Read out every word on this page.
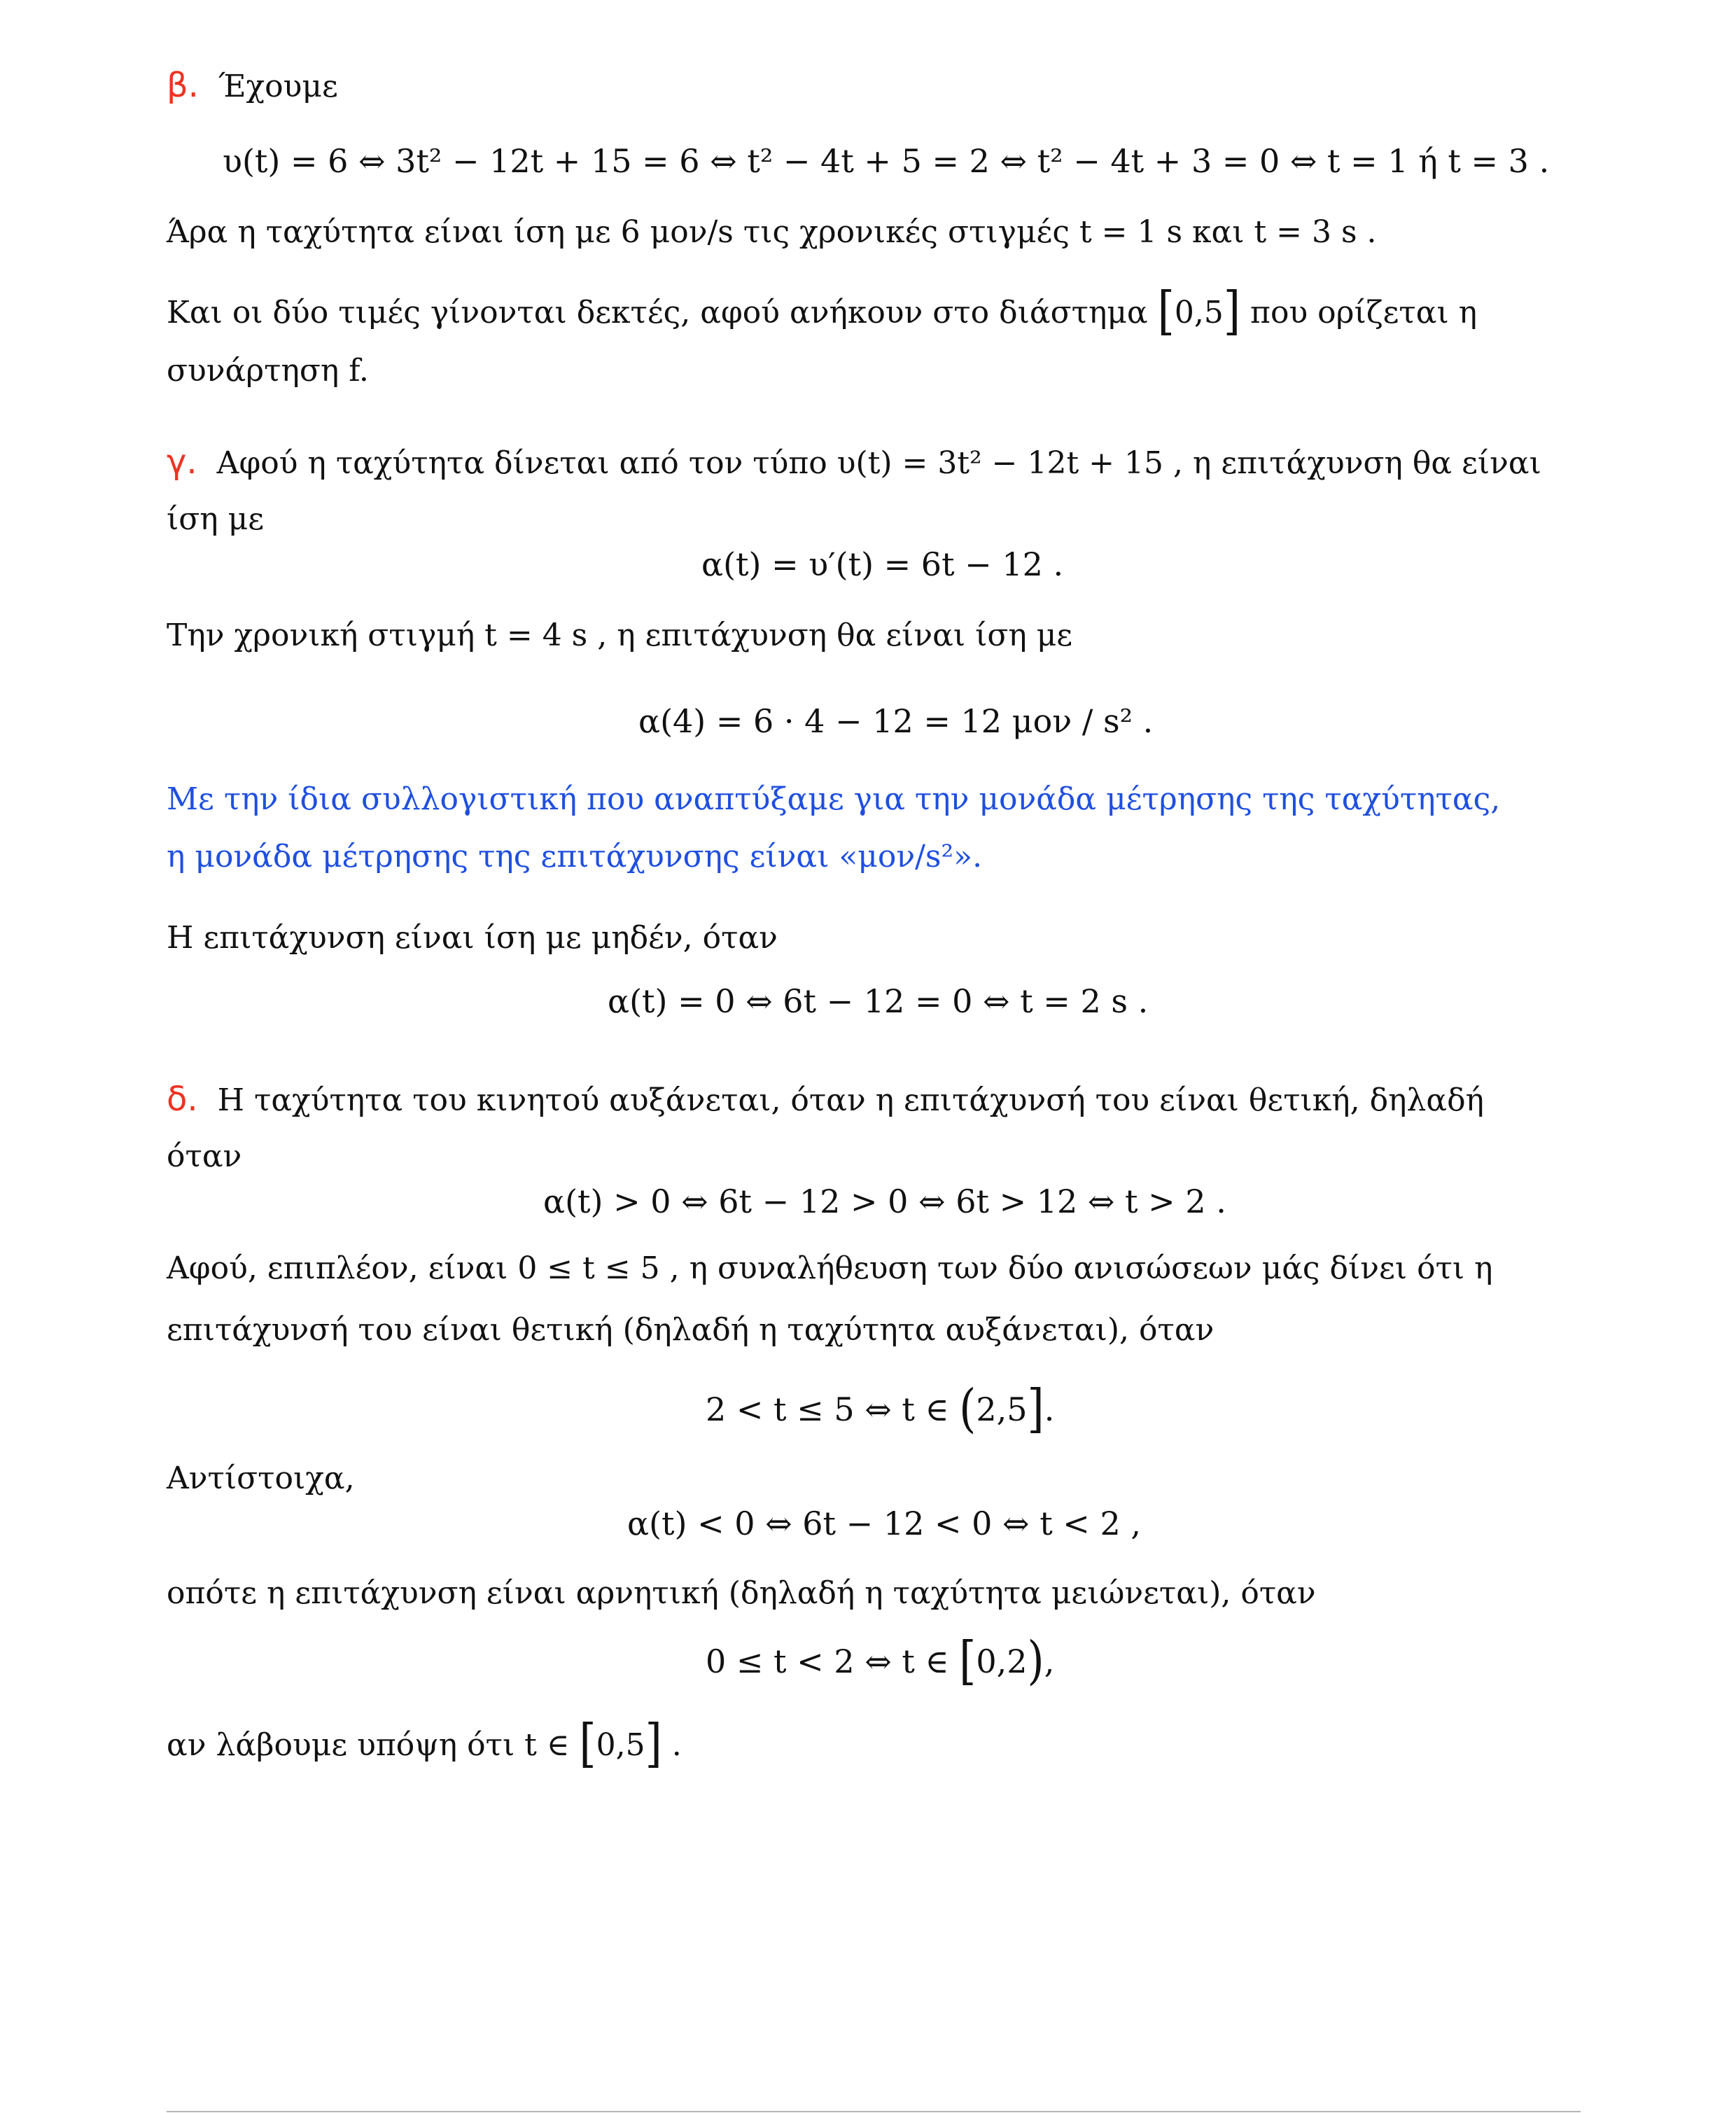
β. Έχουμε
υ(t) = 6 ⇔ 3t² − 12t + 15 = 6 ⇔ t² − 4t + 5 = 2 ⇔ t² − 4t + 3 = 0 ⇔ t = 1 ή t = 3 .
Άρα η ταχύτητα είναι ίση με 6 μον/s τις χρονικές στιγμές t = 1 s και t = 3 s .
Και οι δύο τιμές γίνονται δεκτές, αφού ανήκουν στο διάστημα [0,5] που ορίζεται η
συνάρτηση f.
γ. Αφού η ταχύτητα δίνεται από τον τύπο υ(t) = 3t² − 12t + 15 , η επιτάχυνση θα είναι
ίση με
α(t) = υ′(t) = 6t − 12 .
Την χρονική στιγμή t = 4 s , η επιτάχυνση θα είναι ίση με
α(4) = 6 · 4 − 12 = 12 μον / s² .
Με την ίδια συλλογιστική που αναπτύξαμε για την μονάδα μέτρησης της ταχύτητας,
η μονάδα μέτρησης της επιτάχυνσης είναι «μον/s²».
Η επιτάχυνση είναι ίση με μηδέν, όταν
α(t) = 0 ⇔ 6t − 12 = 0 ⇔ t = 2 s .
δ. Η ταχύτητα του κινητού αυξάνεται, όταν η επιτάχυνσή του είναι θετική, δηλαδή
όταν
α(t) > 0 ⇔ 6t − 12 > 0 ⇔ 6t > 12 ⇔ t > 2 .
Αφού, επιπλέον, είναι 0 ≤ t ≤ 5 , η συναλήθευση των δύο ανισώσεων μάς δίνει ότι η
επιτάχυνσή του είναι θετική (δηλαδή η ταχύτητα αυξάνεται), όταν
2 < t ≤ 5 ⇔ t ∈ (2,5].
Αντίστοιχα,
α(t) < 0 ⇔ 6t − 12 < 0 ⇔ t < 2 ,
οπότε η επιτάχυνση είναι αρνητική (δηλαδή η ταχύτητα μειώνεται), όταν
0 ≤ t < 2 ⇔ t ∈ [0,2),
αν λάβουμε υπόψη ότι t ∈ [0,5] .
